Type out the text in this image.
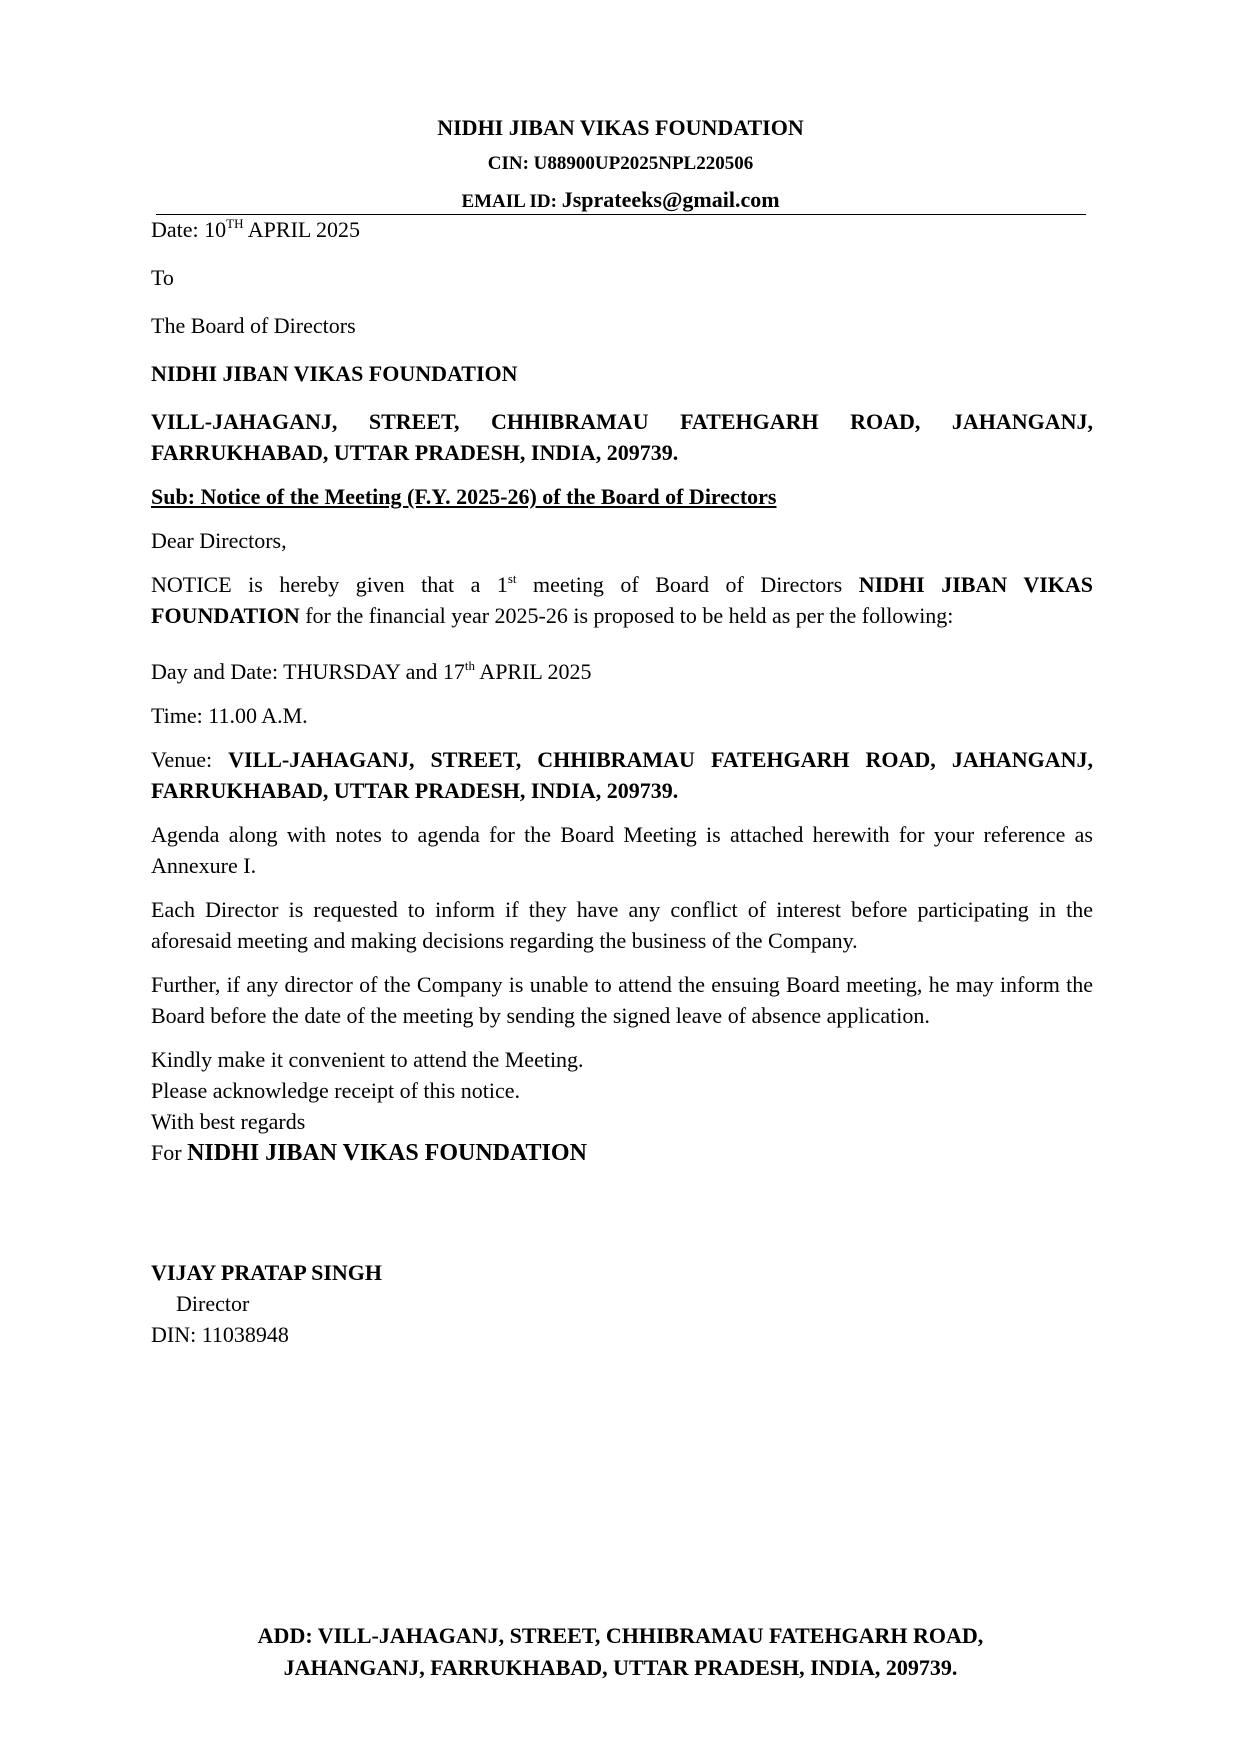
NIDHI JIBAN VIKAS FOUNDATION

CIN: U88900UP2025NPL220506

EMAIL ID: Jsprateeks@gmail.com

Date: 10TH APRIL 2025

To

The Board of Directors

NIDHI JIBAN VIKAS FOUNDATION

VILL-JAHAGANJ, STREET, CHHIBRAMAU FATEHGARH ROAD, JAHANGANJ, FARRUKHABAD, UTTAR PRADESH, INDIA, 209739.

Sub: Notice of the Meeting (F.Y. 2025-26) of the Board of Directors

Dear Directors,

NOTICE is hereby given that a 1st meeting of Board of Directors NIDHI JIBAN VIKAS FOUNDATION for the financial year 2025-26 is proposed to be held as per the following:

Day and Date: THURSDAY and 17th APRIL 2025

Time: 11.00 A.M.

Venue: VILL-JAHAGANJ, STREET, CHHIBRAMAU FATEHGARH ROAD, JAHANGANJ, FARRUKHABAD, UTTAR PRADESH, INDIA, 209739.

Agenda along with notes to agenda for the Board Meeting is attached herewith for your reference as Annexure I.

Each Director is requested to inform if they have any conflict of interest before participating in the aforesaid meeting and making decisions regarding the business of the Company.

Further, if any director of the Company is unable to attend the ensuing Board meeting, he may inform the Board before the date of the meeting by sending the signed leave of absence application.

Kindly make it convenient to attend the Meeting.

Please acknowledge receipt of this notice.

With best regards

For NIDHI JIBAN VIKAS FOUNDATION

VIJAY PRATAP SINGH

Director

DIN: 11038948

ADD: VILL-JAHAGANJ, STREET, CHHIBRAMAU FATEHGARH ROAD,
JAHANGANJ, FARRUKHABAD, UTTAR PRADESH, INDIA, 209739.
